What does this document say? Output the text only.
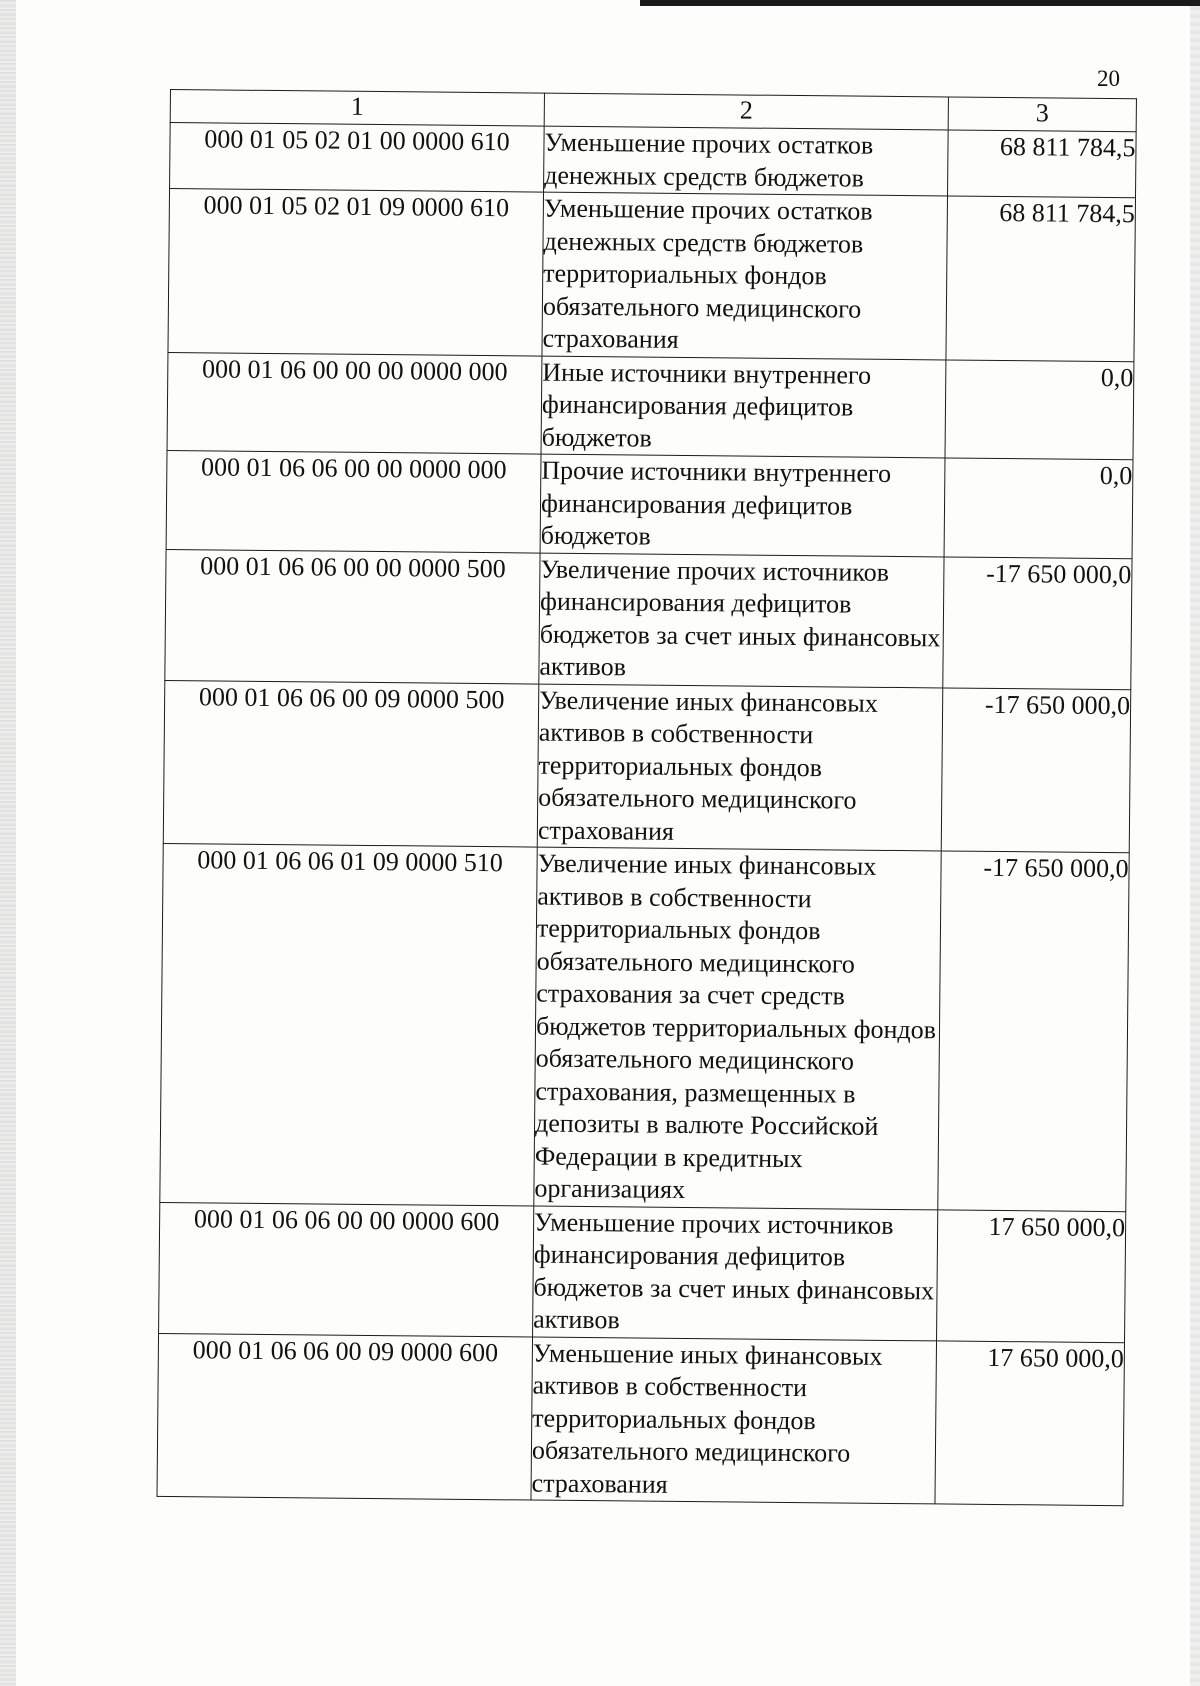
20
1	2	3
000 01 05 02 01 00 0000 610	Уменьшение прочих остатков денежных средств бюджетов	68 811 784,5
000 01 05 02 01 09 0000 610	Уменьшение прочих остатков денежных средств бюджетов территориальных фондов обязательного медицинского страхования	68 811 784,5
000 01 06 00 00 00 0000 000	Иные источники внутреннего финансирования дефицитов бюджетов	0,0
000 01 06 06 00 00 0000 000	Прочие источники внутреннего финансирования дефицитов бюджетов	0,0
000 01 06 06 00 00 0000 500	Увеличение прочих источников финансирования дефицитов бюджетов за счет иных финансовых активов	-17 650 000,0
000 01 06 06 00 09 0000 500	Увеличение иных финансовых активов в собственности территориальных фондов обязательного медицинского страхования	-17 650 000,0
000 01 06 06 01 09 0000 510	Увеличение иных финансовых активов в собственности территориальных фондов обязательного медицинского страхования за счет средств бюджетов территориальных фондов обязательного медицинского страхования, размещенных в депозиты в валюте Российской Федерации в кредитных организациях	-17 650 000,0
000 01 06 06 00 00 0000 600	Уменьшение прочих источников финансирования дефицитов бюджетов за счет иных финансовых активов	17 650 000,0
000 01 06 06 00 09 0000 600	Уменьшение иных финансовых активов в собственности территориальных фондов обязательного медицинского страхования	17 650 000,0
